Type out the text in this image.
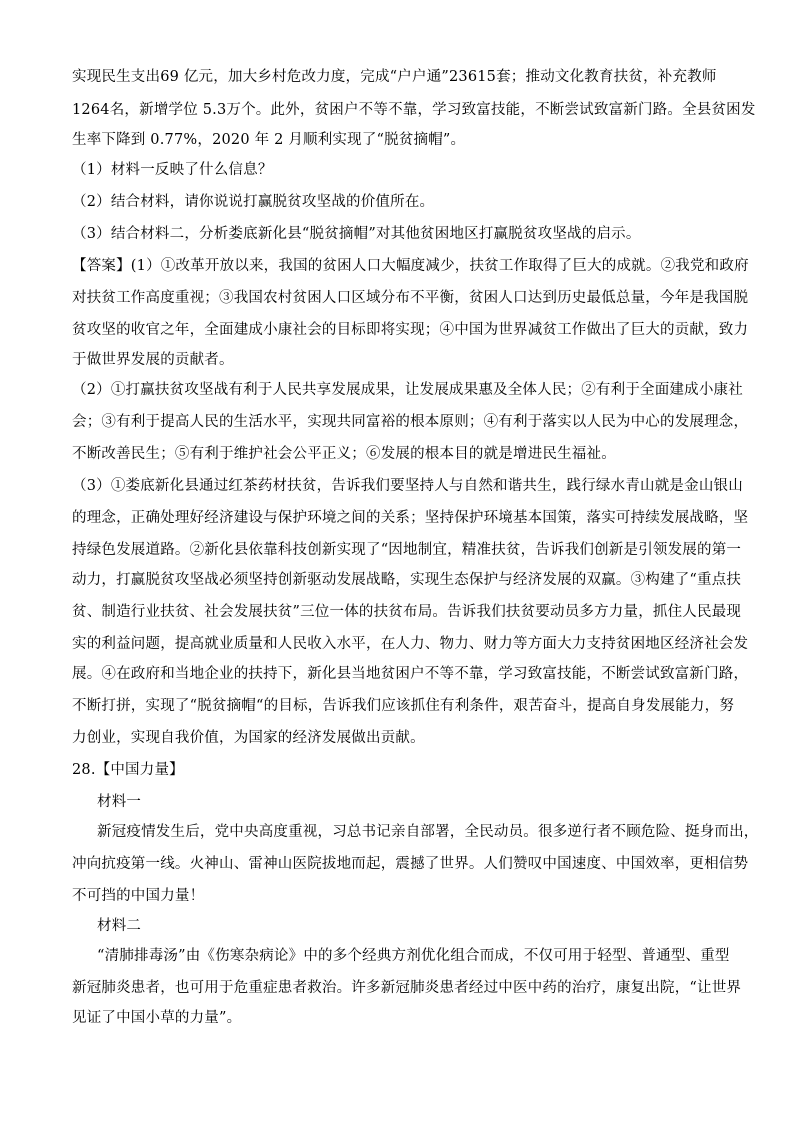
实现民生支出69 亿元，加大乡村危改力度，完成“户户通”23615套；推动文化教育扶贫，补充教师
1264名，新增学位 5.3万个。此外，贫困户不等不靠，学习致富技能，不断尝试致富新门路。全县贫困发
生率下降到 0.77%，2020 年 2 月顺利实现了“脱贫摘帽”。
（1）材料一反映了什么信息？
（2）结合材料，请你说说打赢脱贫攻坚战的价值所在。
（3）结合材料二，分析娄底新化县“脱贫摘帽”对其他贫困地区打赢脱贫攻坚战的启示。
【答案】(1）①改革开放以来，我国的贫困人口大幅度减少，扶贫工作取得了巨大的成就。②我党和政府
对扶贫工作高度重视；③我国农村贫困人口区域分布不平衡，贫困人口达到历史最低总量，今年是我国脱
贫攻坚的收官之年，全面建成小康社会的目标即将实现；④中国为世界减贫工作做出了巨大的贡献，致力
于做世界发展的贡献者。
（2）①打赢扶贫攻坚战有利于人民共享发展成果，让发展成果惠及全体人民；②有利于全面建成小康社
会；③有利于提高人民的生活水平，实现共同富裕的根本原则；④有利于落实以人民为中心的发展理念，
不断改善民生；⑤有利于维护社会公平正义；⑥发展的根本目的就是增进民生福祉。
（3）①娄底新化县通过红茶药材扶贫，告诉我们要坚持人与自然和谐共生，践行绿水青山就是金山银山
的理念，正确处理好经济建设与保护环境之间的关系；坚持保护环境基本国策，落实可持续发展战略，坚
持绿色发展道路。②新化县依靠科技创新实现了“因地制宜，精准扶贫，告诉我们创新是引领发展的第一
动力，打赢脱贫攻坚战必须坚持创新驱动发展战略，实现生态保护与经济发展的双赢。③构建了“重点扶
贫、制造行业扶贫、社会发展扶贫”三位一体的扶贫布局。告诉我们扶贫要动员多方力量，抓住人民最现
实的利益问题，提高就业质量和人民收入水平，在人力、物力、财力等方面大力支持贫困地区经济社会发
展。④在政府和当地企业的扶持下，新化县当地贫困户不等不靠，学习致富技能，不断尝试致富新门路，
不断打拼，实现了“脱贫摘帽“的目标，告诉我们应该抓住有利条件，艰苦奋斗，提高自身发展能力，努
力创业，实现自我价值，为国家的经济发展做出贡献。
28.【中国力量】
材料一
新冠疫情发生后，党中央高度重视，习总书记亲自部署，全民动员。很多逆行者不顾危险、挺身而出，
冲向抗疫第一线。火神山、雷神山医院拔地而起，震撼了世界。人们赞叹中国速度、中国效率，更相信势
不可挡的中国力量！
材料二
“清肺排毒汤”由《伤寒杂病论》中的多个经典方剂优化组合而成，不仅可用于轻型、普通型、重型
新冠肺炎患者，也可用于危重症患者救治。许多新冠肺炎患者经过中医中药的治疗，康复出院，“让世界
见证了中国小草的力量”。
